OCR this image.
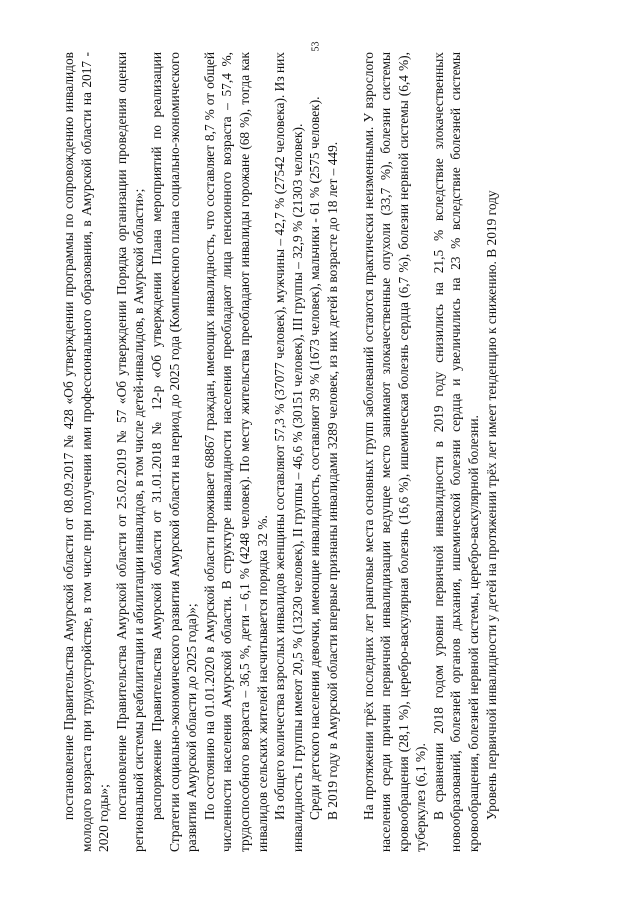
53

постановление Правительства Амурской области от 08.09.2017 № 428 «Об утверждении программы по сопровождению инвалидов молодого возраста при трудоустройстве, в том числе при получении ими профессионального образования, в Амурской области на 2017 - 2020 годы»; постановление Правительства Амурской области от 25.02.2019 № 57 «Об утверждении Порядка организации проведения оценки региональной системы реабилитации и абилитации инвалидов, в том числе детей-инвалидов, в Амурской области»; распоряжение Правительства Амурской области от 31.01.2018 № 12-р «Об утверждении Плана мероприятий по реализации Стратегии социально-экономического развития Амурской области на период до 2025 года (Комплексного плана социально-экономического развития Амурской области до 2025 года)»; По состоянию на 01.01.2020 в Амурской области проживает 68867 граждан, имеющих инвалидность, что составляет 8,7 % от общей численности населения Амурской области. В структуре инвалидности населения преобладают лица пенсионного возраста – 57,4 %, трудоспособного возраста – 36,5 %, дети – 6,1 % (4248 человек). По месту жительства преобладают инвалиды горожане (68 %), тогда как инвалидов сельских жителей насчитывается порядка 32 %. Из общего количества взрослых инвалидов женщины составляют 57,3 % (37077 человек), мужчины – 42,7 % (27542 человека). Из них инвалидность I группы имеют 20,5 % (13230 человек), II группы – 46,6 % (30151 человек), III группы – 32,9 % (21303 человек). Среди детского населения девочки, имеющие инвалидность, составляют 39 % (1673 человек), мальчики - 61 % (2575 человек). В 2019 году в Амурской области впервые признаны инвалидами 3289 человек, из них детей в возрасте до 18 лет – 449. На протяжении трёх последних лет ранговые места основных групп заболеваний остаются практически неизменными. У взрослого населения среди причин первичной инвалидизации ведущее место занимают злокачественные опухоли (33,7 %), болезни системы кровообращения (28,1 %), церебро-васкулярная болезнь (16,6 %), ишемическая болезнь сердца (6,7 %), болезни нервной системы (6,4 %), туберкулез (6,1 %). В сравнении 2018 годом уровни первичной инвалидности в 2019 году снизились на 21,5 % вследствие злокачественных новообразований, болезней органов дыхания, ишемической болезни сердца и увеличились на 23 % вследствие болезней системы кровообращения, болезней нервной системы, церебро-васкулярной болезни. Уровень первичной инвалидности у детей на протяжении трёх лет имеет тенденцию к снижению. В 2019 году
